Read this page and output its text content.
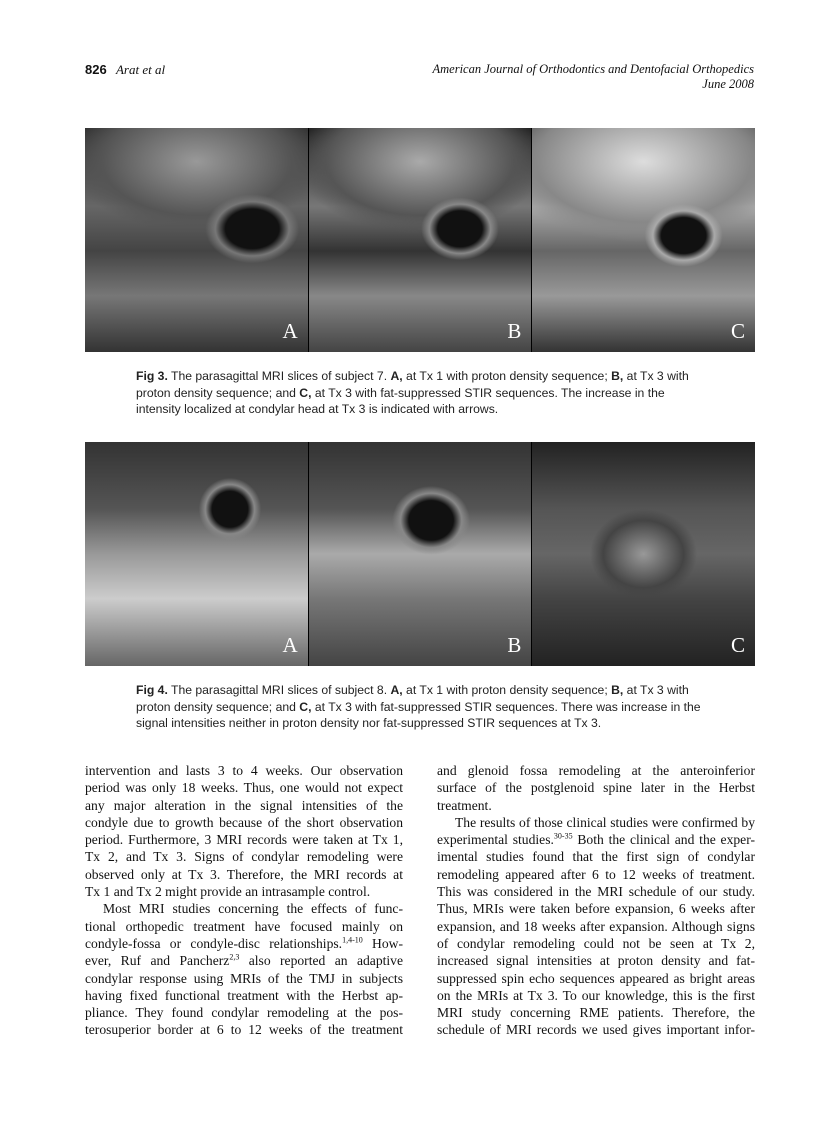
826 Arat et al	American Journal of Orthodontics and Dentofacial Orthopedics
June 2008
A	B	C
Fig 3. The parasagittal MRI slices of subject 7. A, at Tx 1 with proton density sequence; B, at Tx 3 with proton density sequence; and C, at Tx 3 with fat-suppressed STIR sequences. The increase in the intensity localized at condylar head at Tx 3 is indicated with arrows.
A	B	C
Fig 4. The parasagittal MRI slices of subject 8. A, at Tx 1 with proton density sequence; B, at Tx 3 with proton density sequence; and C, at Tx 3 with fat-suppressed STIR sequences. There was increase in the signal intensities neither in proton density nor fat-suppressed STIR sequences at Tx 3.
intervention and lasts 3 to 4 weeks. Our observation
period was only 18 weeks. Thus, one would not expect
any major alteration in the signal intensities of the
condyle due to growth because of the short observation
period. Furthermore, 3 MRI records were taken at Tx 1,
Tx 2, and Tx 3. Signs of condylar remodeling were
observed only at Tx 3. Therefore, the MRI records at
Tx 1 and Tx 2 might provide an intrasample control.
Most MRI studies concerning the effects of func-
tional orthopedic treatment have focused mainly on
condyle-fossa or condyle-disc relationships.$^{1,4-10}$ How-
ever, Ruf and Pancherz$^{2,3}$ also reported an adaptive
condylar response using MRIs of the TMJ in subjects
having fixed functional treatment with the Herbst ap-
pliance. They found condylar remodeling at the pos-
terosuperior border at 6 to 12 weeks of the treatment
and glenoid fossa remodeling at the anteroinferior
surface of the postglenoid spine later in the Herbst
treatment.
The results of those clinical studies were confirmed by
experimental studies.$^{30-35}$ Both the clinical and the exper-
imental studies found that the first sign of condylar
remodeling appeared after 6 to 12 weeks of treatment.
This was considered in the MRI schedule of our study.
Thus, MRIs were taken before expansion, 6 weeks after
expansion, and 18 weeks after expansion. Although signs
of condylar remodeling could not be seen at Tx 2,
increased signal intensities at proton density and fat-
suppressed spin echo sequences appeared as bright areas
on the MRIs at Tx 3. To our knowledge, this is the first
MRI study concerning RME patients. Therefore, the
schedule of MRI records we used gives important infor-
